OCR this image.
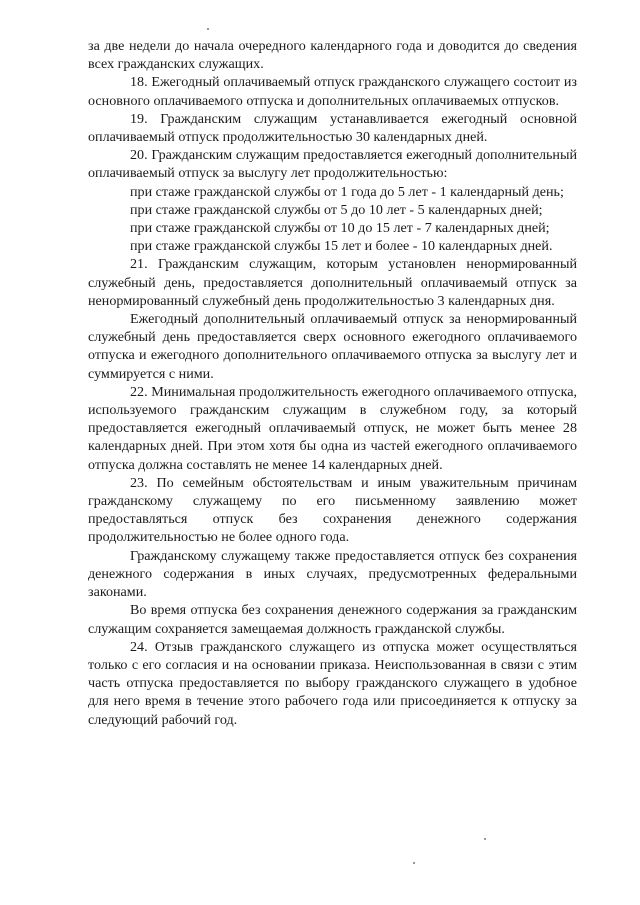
за две недели до начала очередного календарного года и доводится до сведения всех гражданских служащих.

18. Ежегодный оплачиваемый отпуск гражданского служащего состоит из основного оплачиваемого отпуска и дополнительных оплачиваемых отпусков.

19. Гражданским служащим устанавливается ежегодный основной оплачиваемый отпуск продолжительностью 30 календарных дней.

20. Гражданским служащим предоставляется ежегодный дополнительный оплачиваемый отпуск за выслугу лет продолжительностью:

при стаже гражданской службы от 1 года до 5 лет - 1 календарный день;

при стаже гражданской службы от 5 до 10 лет - 5 календарных дней;

при стаже гражданской службы от 10 до 15 лет - 7 календарных дней;

при стаже гражданской службы 15 лет и более - 10 календарных дней.

21. Гражданским служащим, которым установлен ненормированный служебный день, предоставляется дополнительный оплачиваемый отпуск за ненормированный служебный день продолжительностью 3 календарных дня.

Ежегодный дополнительный оплачиваемый отпуск за ненормированный служебный день предоставляется сверх основного ежегодного оплачиваемого отпуска и ежегодного дополнительного оплачиваемого отпуска за выслугу лет и суммируется с ними.

22. Минимальная продолжительность ежегодного оплачиваемого отпуска, используемого гражданским служащим в служебном году, за который предоставляется ежегодный оплачиваемый отпуск, не может быть менее 28 календарных дней. При этом хотя бы одна из частей ежегодного оплачиваемого отпуска должна составлять не менее 14 календарных дней.

23. По семейным обстоятельствам и иным уважительным причинам гражданскому служащему по его письменному заявлению может предоставляться отпуск без сохранения денежного содержания продолжительностью не более одного года.

Гражданскому служащему также предоставляется отпуск без сохранения денежного содержания в иных случаях, предусмотренных федеральными законами.

Во время отпуска без сохранения денежного содержания за гражданским служащим сохраняется замещаемая должность гражданской службы.

24. Отзыв гражданского служащего из отпуска может осуществляться только с его согласия и на основании приказа. Неиспользованная в связи с этим часть отпуска предоставляется по выбору гражданского служащего в удобное для него время в течение этого рабочего года или присоединяется к отпуску за следующий рабочий год.
